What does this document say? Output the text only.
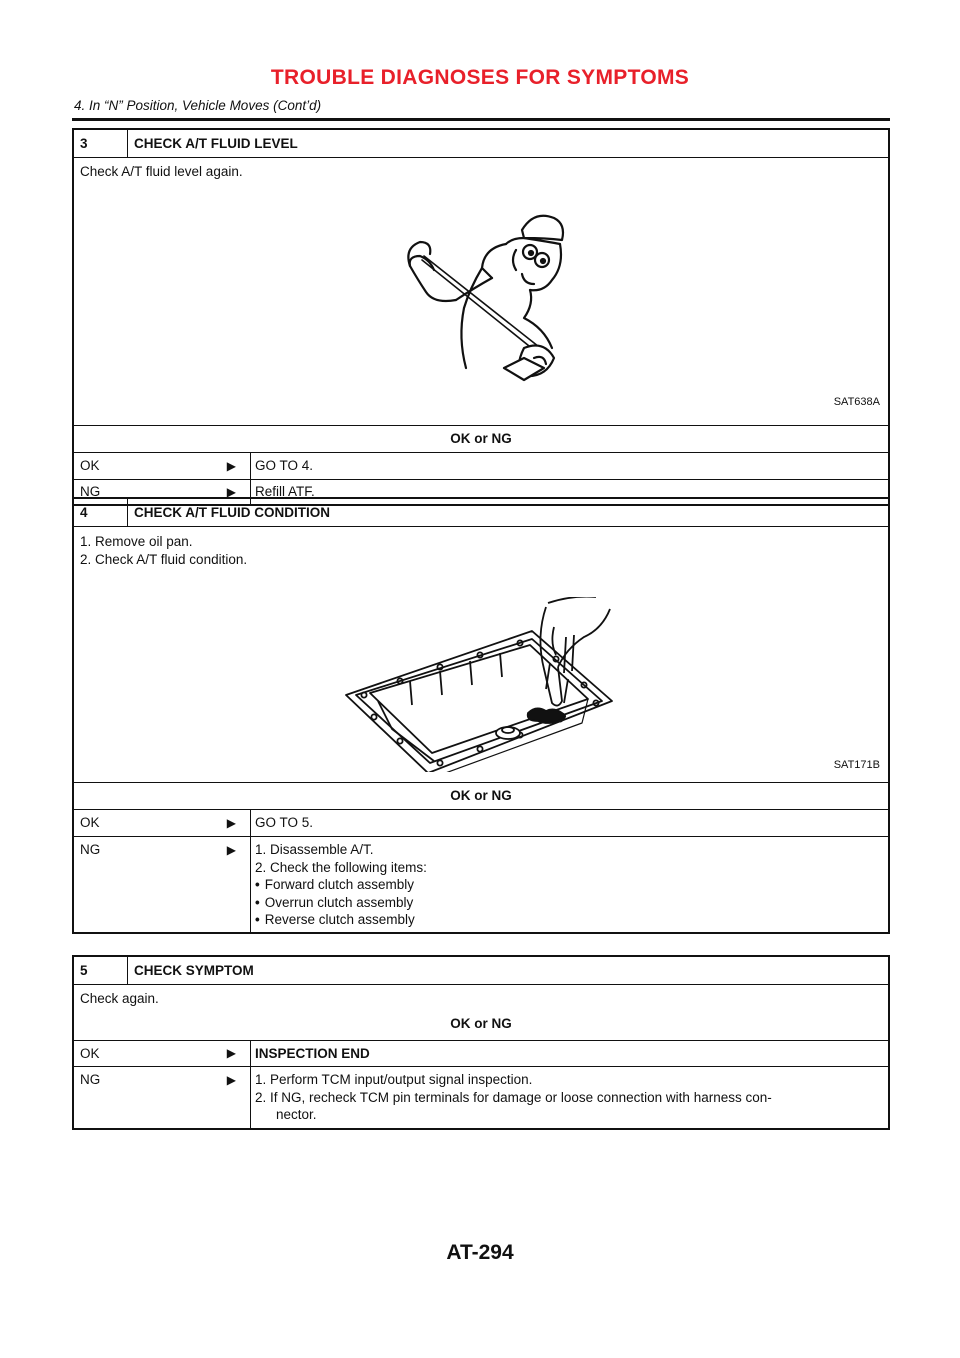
TROUBLE DIAGNOSES FOR SYMPTOMS
4. In “N” Position, Vehicle Moves (Cont’d)
3	CHECK A/T FLUID LEVEL
Check A/T fluid level again.
SAT638A
OK or NG
OK	▶	GO TO 4.
NG	▶	Refill ATF.
4	CHECK A/T FLUID CONDITION
1. Remove oil pan.
2. Check A/T fluid condition.
SAT171B
OK or NG
OK	▶	GO TO 5.
NG	▶ 1. Disassemble A/T.
2. Check the following items:
• Forward clutch assembly
• Overrun clutch assembly
• Reverse clutch assembly
5	CHECK SYMPTOM
Check again.
OK or NG
OK	▶	INSPECTION END
NG	▶ 1. Perform TCM input/output signal inspection.
2. If NG, recheck TCM pin terminals for damage or loose connection with harness con-
nector.
AT-294
